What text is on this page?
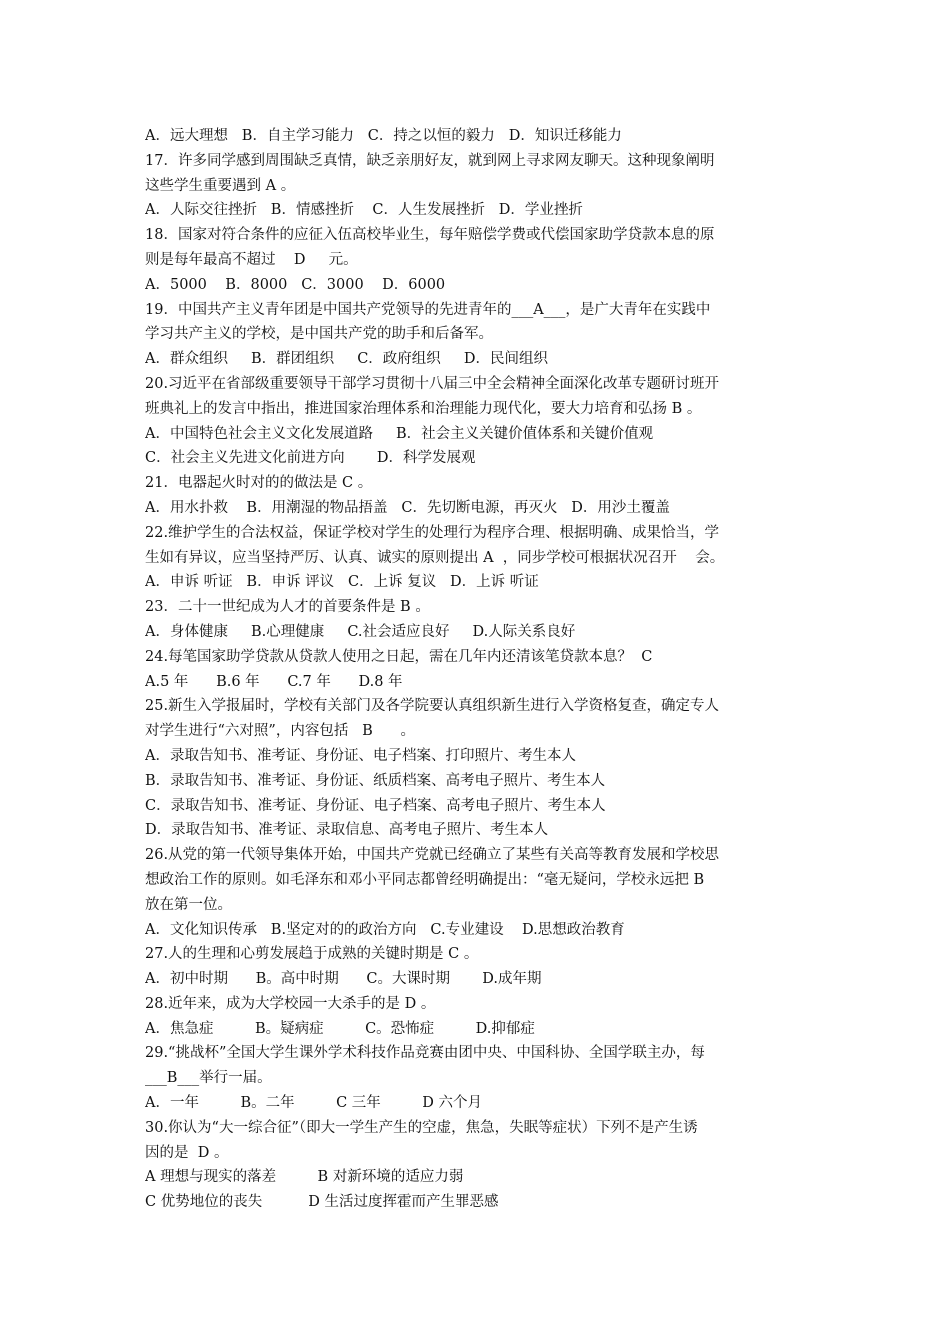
A．远大理想   B．自主学习能力   C．持之以恒的毅力   D．知识迁移能力
17．许多同学感到周围缺乏真情，缺乏亲朋好友，就到网上寻求网友聊天。这种现象阐明
这些学生重要遇到 A 。
A．人际交往挫折   B．情感挫折    C．人生发展挫折   D．学业挫折
18．国家对符合条件的应征入伍高校毕业生，每年赔偿学费或代偿国家助学贷款本息的原
则是每年最高不超过    D     元。
A．5000    B．8000   C．3000    D．6000
19．中国共产主义青年团是中国共产党领导的先进青年的___A___，是广大青年在实践中
学习共产主义的学校，是中国共产党的助手和后备军。
A．群众组织     B．群团组织     C．政府组织     D．民间组织
20.习近平在省部级重要领导干部学习贯彻十八届三中全会精神全面深化改革专题研讨班开
班典礼上的发言中指出，推进国家治理体系和治理能力现代化，要大力培育和弘扬 B 。
A．中国特色社会主义文化发展道路     B．社会主义关键价值体系和关键价值观
C．社会主义先进文化前进方向       D．科学发展观
21．电器起火时对的的做法是 C 。
A．用水扑救    B．用潮湿的物品捂盖   C．先切断电源，再灭火   D．用沙土覆盖
22.维护学生的合法权益，保证学校对学生的处理行为程序合理、根据明确、成果恰当，学
生如有异议，应当坚持严厉、认真、诚实的原则提出 A  ，同步学校可根据状况召开    会。
A．申诉 听证   B．申诉 评议   C．上诉 复议   D．上诉 听证
23．二十一世纪成为人才的首要条件是 B 。
A．身体健康     B.心理健康     C.社会适应良好     D.人际关系良好
24.每笔国家助学贷款从贷款人使用之日起，需在几年内还清该笔贷款本息？  C
A.5 年      B.6 年      C.7 年      D.8 年
25.新生入学报届时，学校有关部门及各学院要认真组织新生进行入学资格复查，确定专人
对学生进行“六对照”，内容包括   B      。
A．录取告知书、准考证、身份证、电子档案、打印照片、考生本人
B．录取告知书、准考证、身份证、纸质档案、高考电子照片、考生本人
C．录取告知书、准考证、身份证、电子档案、高考电子照片、考生本人
D．录取告知书、准考证、录取信息、高考电子照片、考生本人
26.从党的第一代领导集体开始，中国共产党就已经确立了某些有关高等教育发展和学校思
想政治工作的原则。如毛泽东和邓小平同志都曾经明确提出：“毫无疑问，学校永远把 B
放在第一位。
A．文化知识传承   B.坚定对的的政治方向   C.专业建设    D.思想政治教育
27.人的生理和心剪发展趋于成熟的关键时期是 C 。
A．初中时期      B。高中时期      C。大课时期       D.成年期
28.近年来，成为大学校园一大杀手的是 D 。
A．焦急症         B。疑病症         C。恐怖症         D.抑郁症
29.“挑战杯”全国大学生课外学术科技作品竞赛由团中央、中国科协、全国学联主办，每
___B___举行一届。
A．一年         B。二年         C 三年         D 六个月
30.你认为“大一综合征”（即大一学生产生的空虚，焦急，失眠等症状）下列不是产生诱
因的是  D 。
A 理想与现实的落差         B 对新环境的适应力弱
C 优势地位的丧失          D 生活过度挥霍而产生罪恶感
